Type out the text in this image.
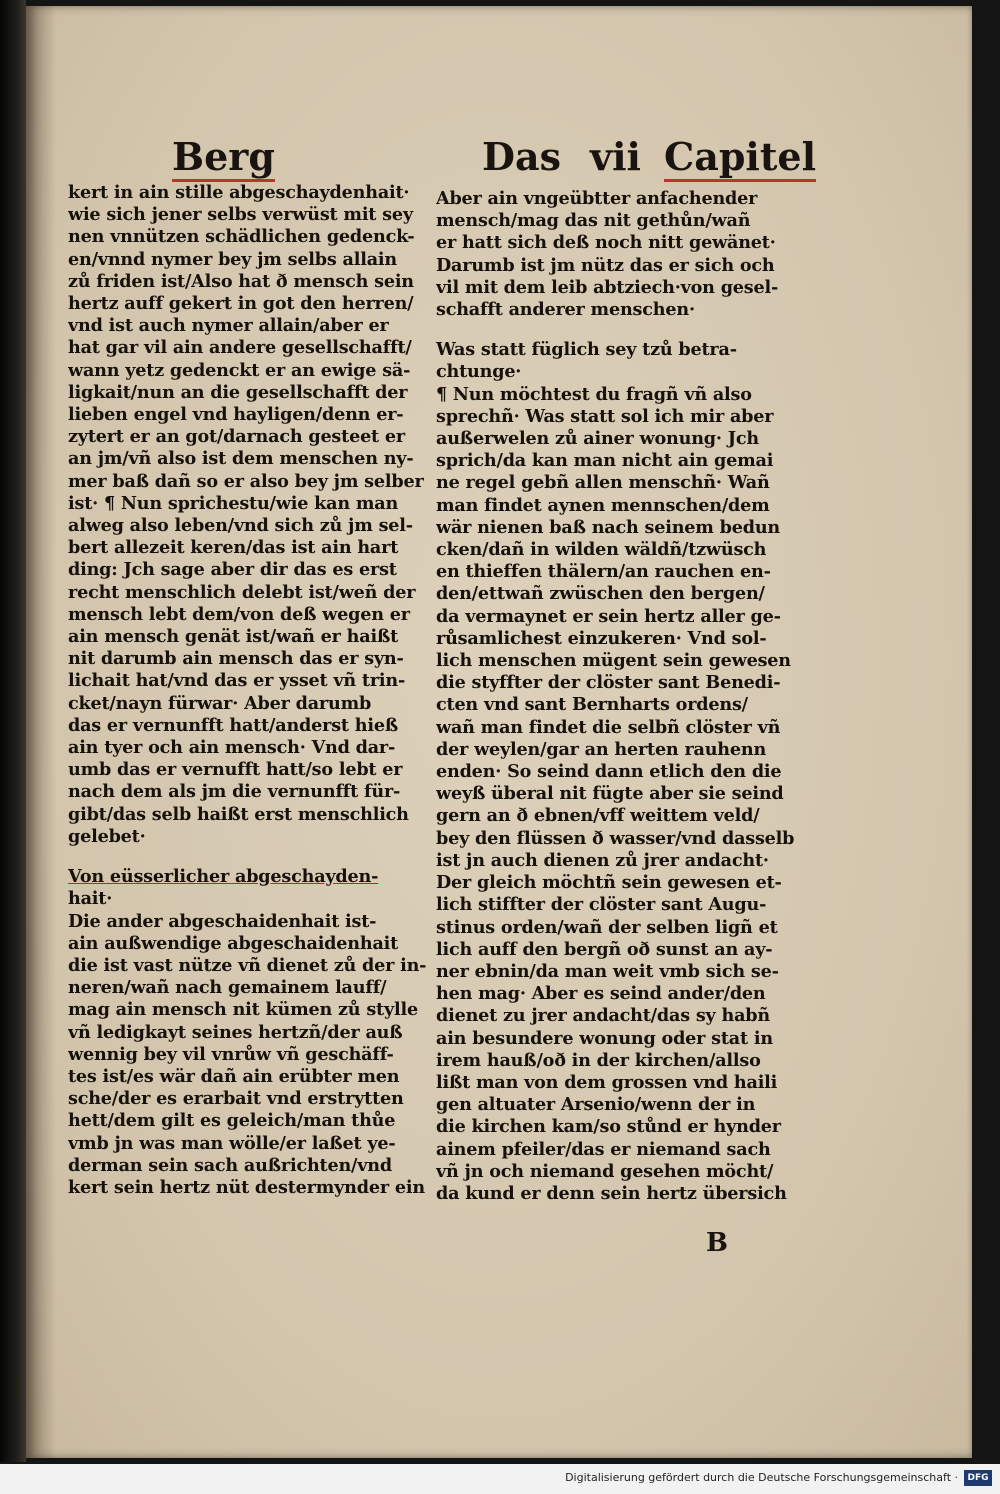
Berg	Das vii Capitel
kert in ain stille abgeschaydenhait·
wie sich jener selbs verwüst mit sey
nen vnnützen schädlichen gedenck-
en/vnnd nymer bey jm selbs allain
zů friden ist/Also hat ð mensch sein
hertz auff gekert in got den herren/
vnd ist auch nymer allain/aber er
hat gar vil ain andere gesellschafft/
wann yetz gedenckt er an ewige sä-
ligkait/nun an die gesellschafft der
lieben engel vnd hayligen/denn er-
zytert er an got/darnach gesteet er
an jm/vñ also ist dem menschen ny-
mer baß dañ so er also bey jm selber
ist· ¶ Nun sprichestu/wie kan man
alweg also leben/vnd sich zů jm sel-
bert allezeit keren/das ist ain hart
ding: Jch sage aber dir das es erst
recht menschlich delebt ist/weñ der
mensch lebt dem/von deß wegen er
ain mensch genät ist/wañ er haißt
nit darumb ain mensch das er syn-
lichait hat/vnd das er ysset vñ trin-
cket/nayn fürwar· Aber darumb
das er vernunfft hatt/anderst hieß
ain tyer och ain mensch· Vnd dar-
umb das er vernufft hatt/so lebt er
nach dem als jm die vernunfft für-
gibt/das selb haißt erst menschlich
gelebet·
Von eüsserlicher abgeschayden-
hait·
Die ander abgeschaidenhait ist-
ain außwendige abgeschaidenhait
die ist vast nütze vñ dienet zů der in-
neren/wañ nach gemainem lauff/
mag ain mensch nit kümen zů stylle
vñ ledigkayt seines hertzñ/der auß
wennig bey vil vnrůw vñ geschäff-
tes ist/es wär dañ ain erübter men
sche/der es erarbait vnd erstrytten
hett/dem gilt es geleich/man thůe
vmb jn was man wölle/er laßet ye-
derman sein sach außrichten/vnd
kert sein hertz nüt destermynder ein
Aber ain vngeübtter anfachender
mensch/mag das nit gethůn/wañ
er hatt sich deß noch nitt gewänet·
Darumb ist jm nütz das er sich och
vil mit dem leib abtziech·von gesel-
schafft anderer menschen·
Was statt füglich sey tzů betra-
chtunge·
¶ Nun möchtest du fragñ vñ also
sprechñ· Was statt sol ich mir aber
außerwelen zů ainer wonung· Jch
sprich/da kan man nicht ain gemai
ne regel gebñ allen menschñ· Wañ
man findet aynen mennschen/dem
wär nienen baß nach seinem bedun
cken/dañ in wilden wäldñ/tzwüsch
en thieffen thälern/an rauchen en-
den/ettwañ zwüschen den bergen/
da vermaynet er sein hertz aller ge-
růsamlichest einzukeren· Vnd sol-
lich menschen mügent sein gewesen
die styffter der clöster sant Benedi-
cten vnd sant Bernharts ordens/
wañ man findet die selbñ clöster vñ
der weylen/gar an herten rauhenn
enden· So seind dann etlich den die
weyß überal nit fügte aber sie seind
gern an ð ebnen/vff weittem veld/
bey den flüssen ð wasser/vnd dasselb
ist jn auch dienen zů jrer andacht·
Der gleich möchtñ sein gewesen et-
lich stiffter der clöster sant Augu-
stinus orden/wañ der selben ligñ et
lich auff den bergñ oð sunst an ay-
ner ebnin/da man weit vmb sich se-
hen mag· Aber es seind ander/den
dienet zu jrer andacht/das sy habñ
ain besundere wonung oder stat in
irem hauß/oð in der kirchen/allso
lißt man von dem grossen vnd haili
gen altuater Arsenio/wenn der in
die kirchen kam/so stůnd er hynder
ainem pfeiler/das er niemand sach
vñ jn och niemand gesehen möcht/
da kund er denn sein hertz übersich
B
Digitalisierung gefördert durch die Deutsche Forschungsgemeinschaft ·	DFG
